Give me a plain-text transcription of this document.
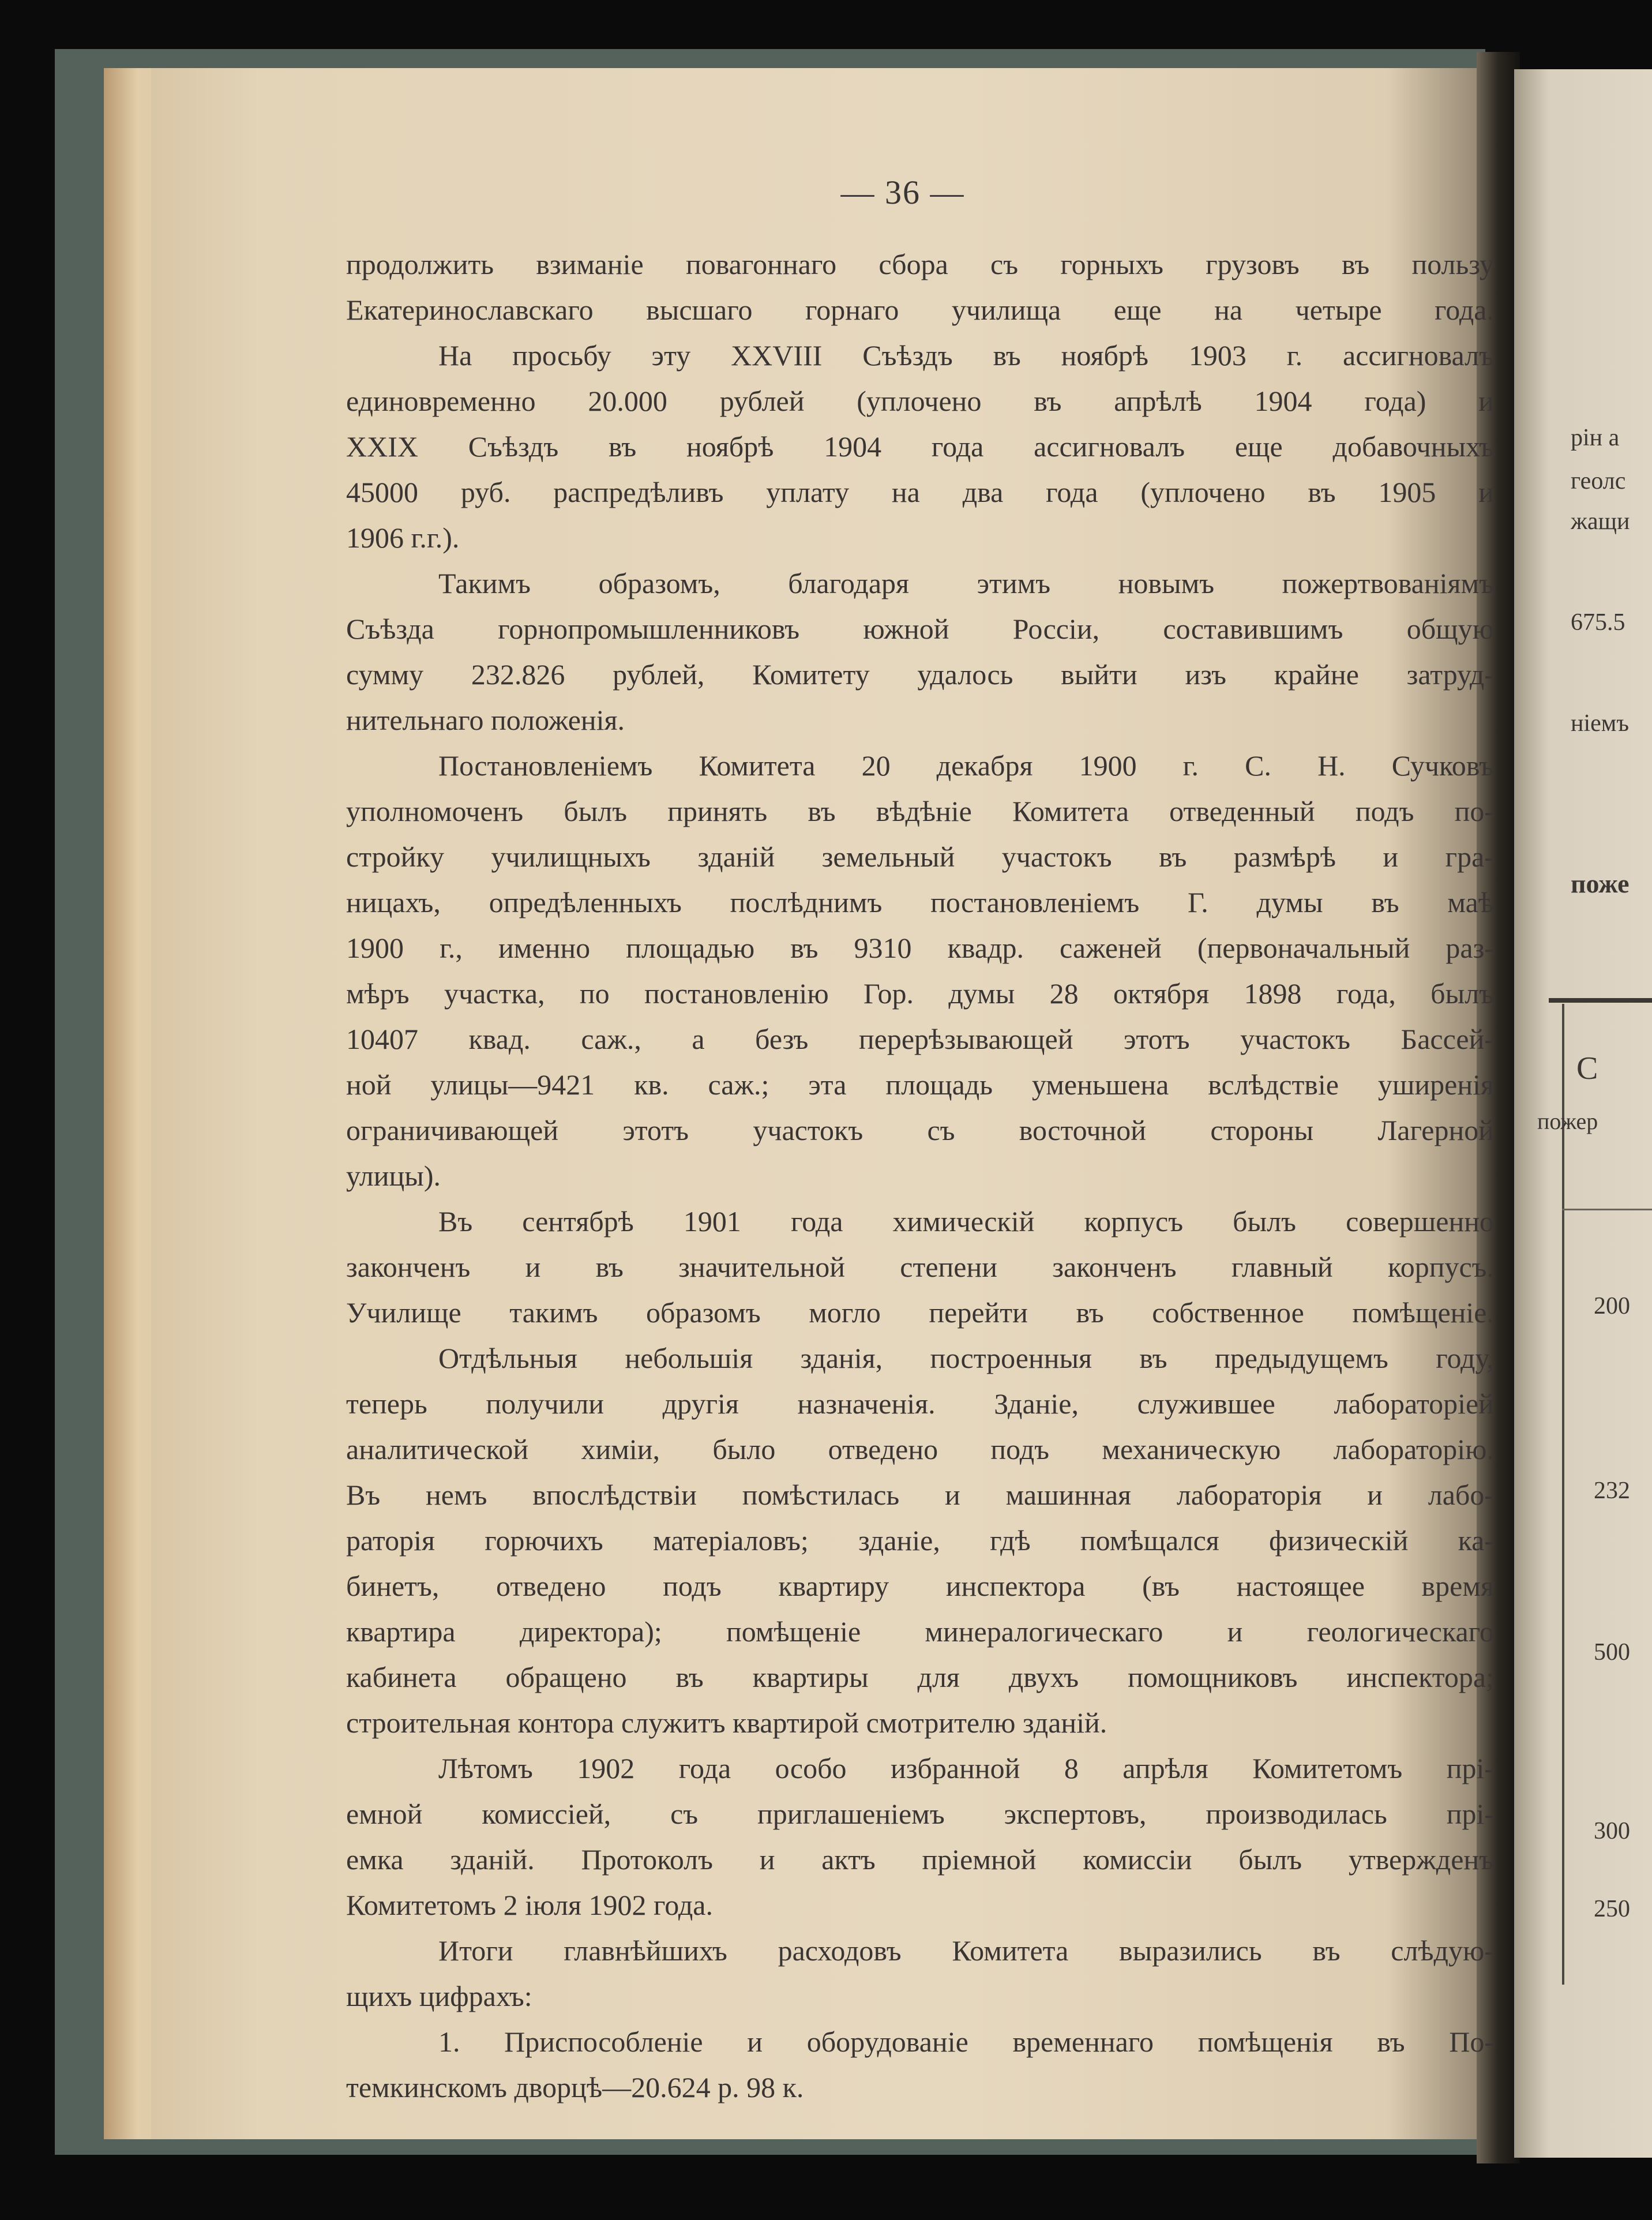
рін а
геолс
жащи
675.5
ніемъ
поже
С
пожер
200
232
500
300
250
— 36 —
продолжить взиманіе повагоннаго сбора съ горныхъ грузовъ въ пользу
Екатеринославскаго высшаго горнаго училища еще на четыре года.
На просьбу эту XXVIII Съѣздъ въ ноябрѣ 1903 г. ассигновалъ
единовременно 20.000 рублей (уплочено въ апрѣлѣ 1904 года) и
XXIX Съѣздъ въ ноябрѣ 1904 года ассигновалъ еще добавочныхъ
45000 руб. распредѣливъ уплату на два года (уплочено въ 1905 и
1906 г.г.).
Такимъ образомъ, благодаря этимъ новымъ пожертвованіямъ
Съѣзда горнопромышленниковъ южной Россіи, составившимъ общую
сумму 232.826 рублей, Комитету удалось выйти изъ крайне затруд-
нительнаго положенія.
Постановленіемъ Комитета 20 декабря 1900 г. С. Н. Сучковъ
уполномоченъ былъ принять въ вѣдѣніе Комитета отведенный подъ по-
стройку училищныхъ зданій земельный участокъ въ размѣрѣ и гра-
ницахъ, опредѣленныхъ послѣднимъ постановленіемъ Г. думы въ маѣ
1900 г., именно площадью въ 9310 квадр. саженей (первоначальный раз-
мѣръ участка, по постановленію Гор. думы 28 октября 1898 года, былъ
10407 квад. саж., а безъ перерѣзывающей этотъ участокъ Бассей-
ной улицы—9421 кв. саж.; эта площадь уменьшена вслѣдствіе уширенія
ограничивающей этотъ участокъ съ восточной стороны Лагерной
улицы).
Въ сентябрѣ 1901 года химическій корпусъ былъ совершенно
законченъ и въ значительной степени законченъ главный корпусъ.
Училище такимъ образомъ могло перейти въ собственное помѣщеніе.
Отдѣльныя небольшія зданія, построенныя въ предыдущемъ году,
теперь получили другія назначенія. Зданіе, служившее лабораторіей
аналитической химіи, было отведено подъ механическую лабораторію.
Въ немъ впослѣдствіи помѣстилась и машинная лабораторія и лабо-
раторія горючихъ матеріаловъ; зданіе, гдѣ помѣщался физическій ка-
бинетъ, отведено подъ квартиру инспектора (въ настоящее время
квартира директора); помѣщеніе минералогическаго и геологическаго
кабинета обращено въ квартиры для двухъ помощниковъ инспектора;
строительная контора служитъ квартирой смотрителю зданій.
Лѣтомъ 1902 года особо избранной 8 апрѣля Комитетомъ прі-
емной комиссіей, съ приглашеніемъ экспертовъ, производилась прі-
емка зданій. Протоколъ и актъ пріемной комиссіи былъ утвержденъ
Комитетомъ 2 іюля 1902 года.
Итоги главнѣйшихъ расходовъ Комитета выразились въ слѣдую-
щихъ цифрахъ:
1. Приспособленіе и оборудованіе временнаго помѣщенія въ По-
темкинскомъ дворцѣ—20.624 р. 98 к.
